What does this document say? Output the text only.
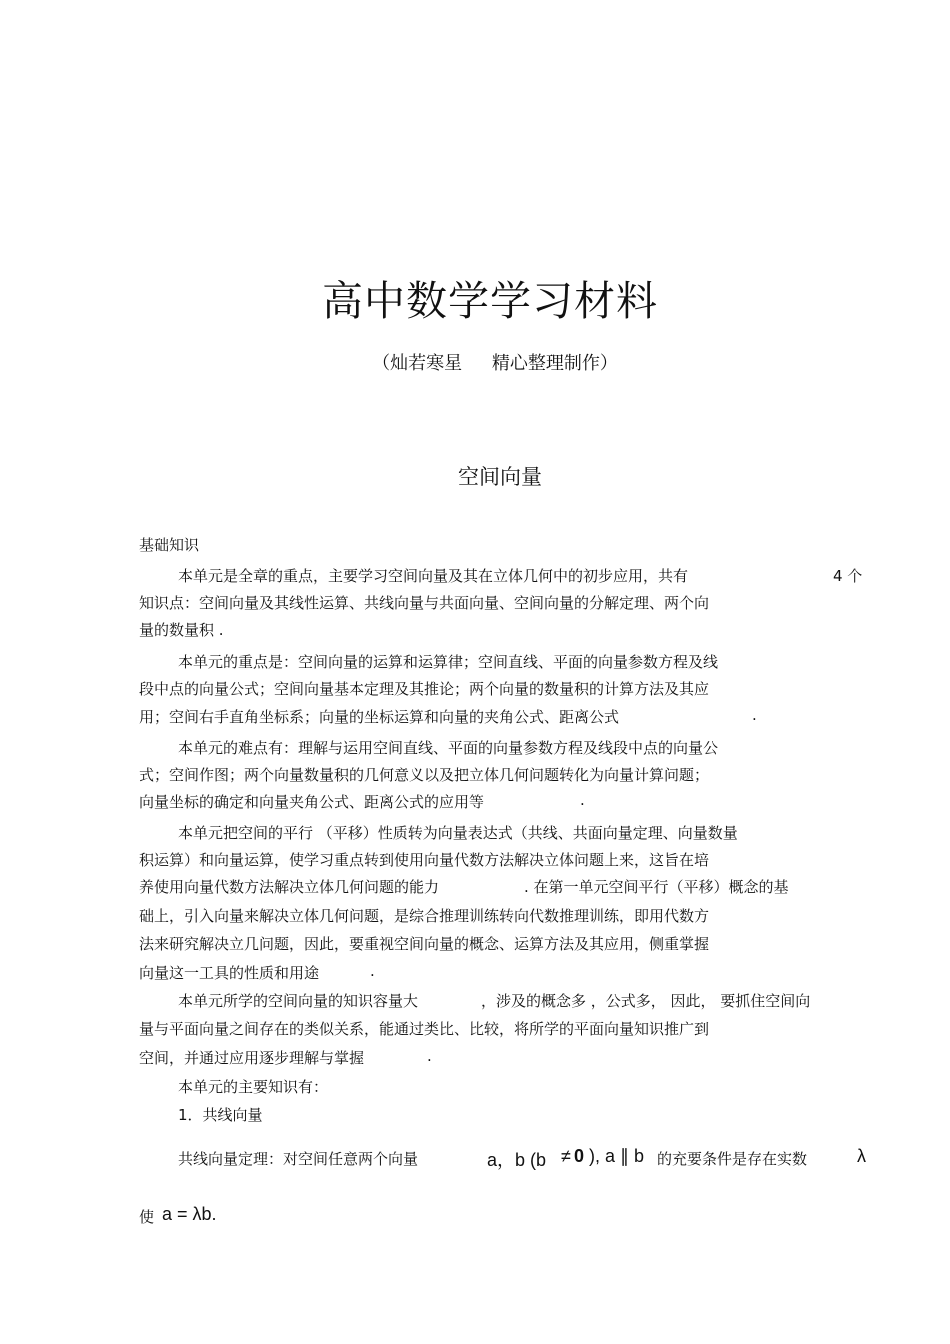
高中数学学习材料
（灿若寒星 精心整理制作）
空间向量
基础知识
本单元是全章的重点，主要学习空间向量及其在立体几何中的初步应用，共有	4 个
知识点：空间向量及其线性运算、共线向量与共面向量、空间向量的分解定理、两个向
量的数量积 .
本单元的重点是：空间向量的运算和运算律；空间直线、平面的向量参数方程及线
段中点的向量公式；空间向量基本定理及其推论；两个向量的数量积的计算方法及其应
用；空间右手直角坐标系；向量的坐标运算和向量的夹角公式、距离公式	.
本单元的难点有：理解与运用空间直线、平面的向量参数方程及线段中点的向量公
式；空间作图；两个向量数量积的几何意义以及把立体几何问题转化为向量计算问题；
向量坐标的确定和向量夹角公式、距离公式的应用等	.
本单元把空间的平行 （平移）性质转为向量表达式（共线、共面向量定理、向量数量
积运算）和向量运算，使学习重点转到使用向量代数方法解决立体问题上来，这旨在培
养使用向量代数方法解决立体几何问题的能力	. 在第一单元空间平行（平移）概念的基
础上，引入向量来解决立体几何问题，是综合推理训练转向代数推理训练，即用代数方
法来研究解决立几问题，因此，要重视空间向量的概念、运算方法及其应用，侧重掌握
向量这一工具的性质和用途	.
本单元所学的空间向量的知识容量大	，涉及的概念多 ，公式多， 因此， 要抓住空间向
量与平面向量之间存在的类似关系，能通过类比、比较，将所学的平面向量知识推广到
空间，并通过应用逐步理解与掌握	.
本单元的主要知识有：
1．共线向量
共线向量定理：对空间任意两个向量	a，b (b ≠ 0 ), a ∥ b 的充要条件是存在实数	λ
使 a = λb.
